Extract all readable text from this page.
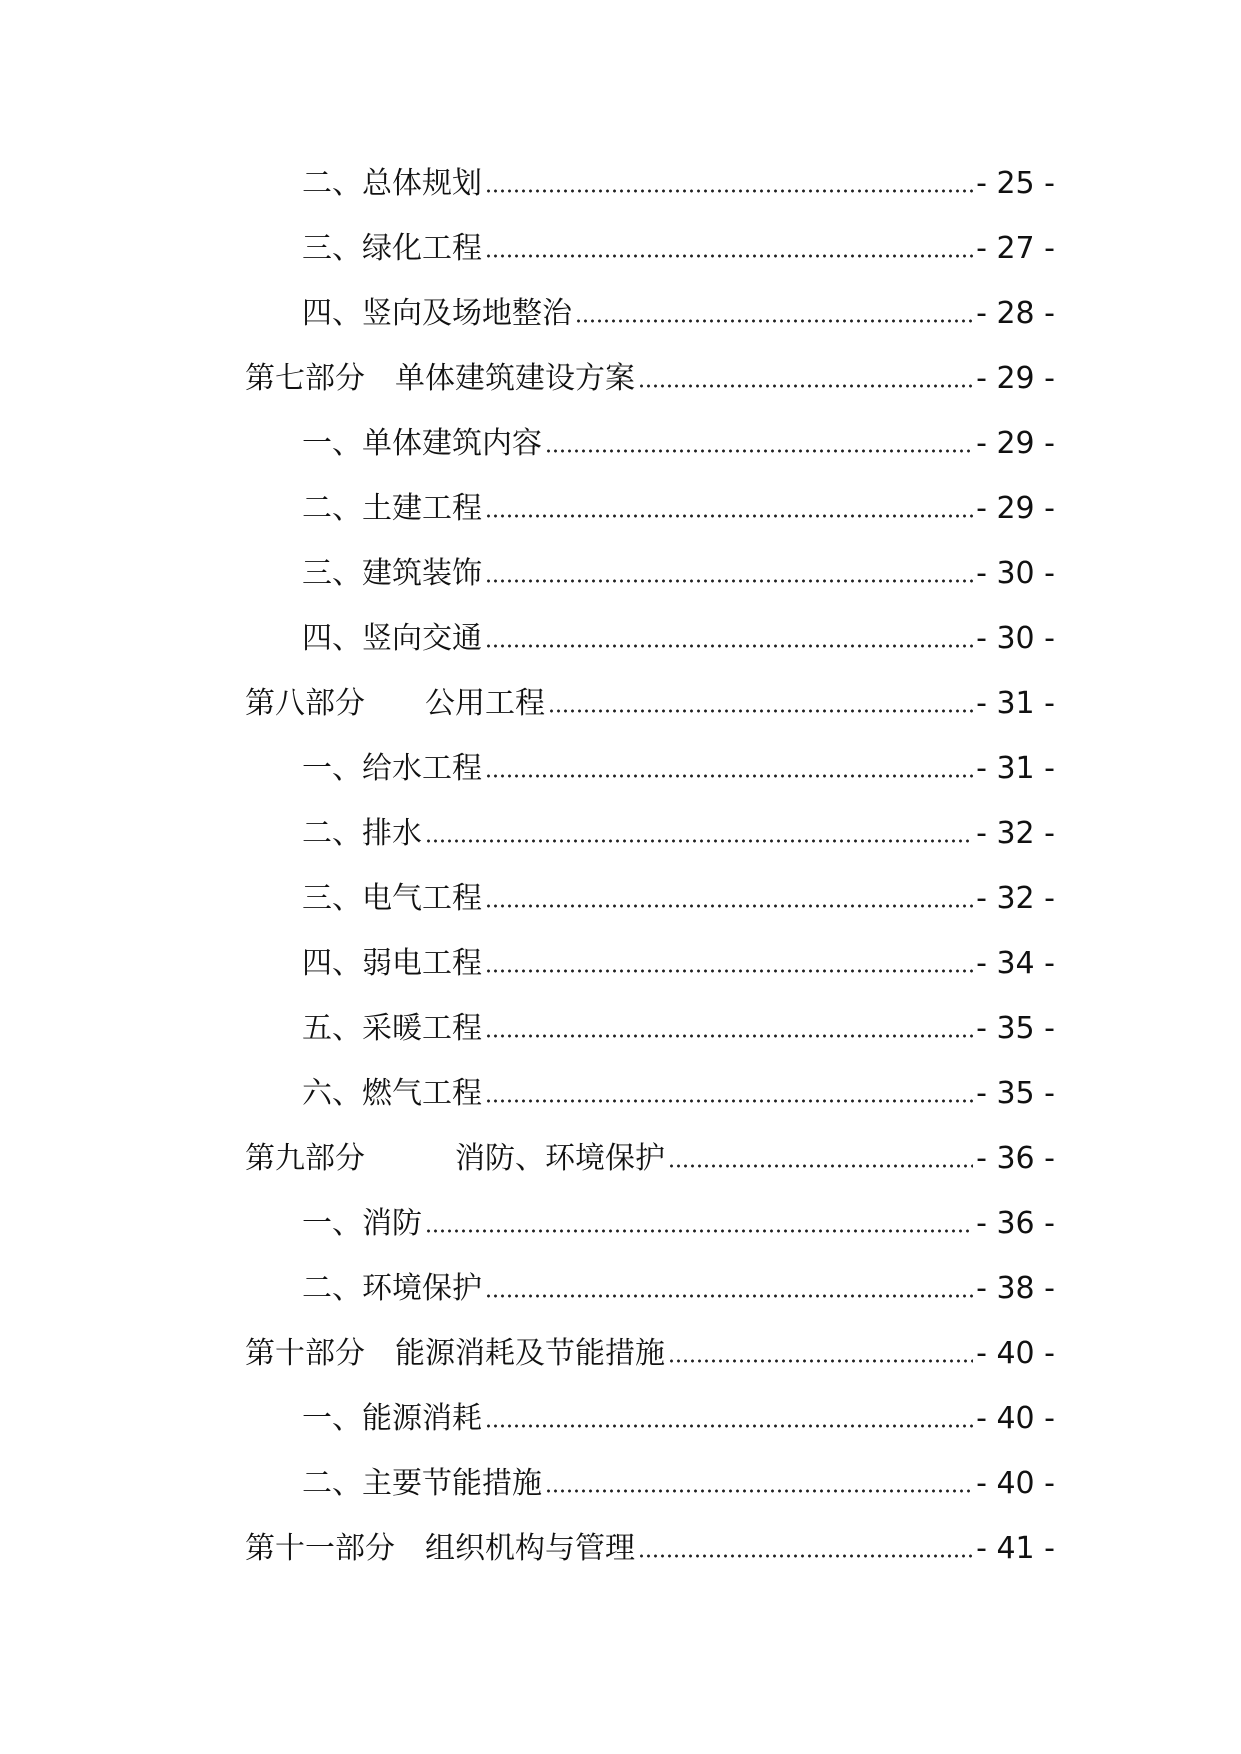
二、总体规划	- 25 -
三、绿化工程	- 27 -
四、竖向及场地整治	- 28 -
第七部分　单体建筑建设方案	- 29 -
一、单体建筑内容	- 29 -
二、土建工程	- 29 -
三、建筑装饰	- 30 -
四、竖向交通	- 30 -
第八部分　　公用工程	- 31 -
一、给水工程	- 31 -
二、排水	- 32 -
三、电气工程	- 32 -
四、弱电工程	- 34 -
五、采暖工程	- 35 -
六、燃气工程	- 35 -
第九部分　　　消防、环境保护	- 36 -
一、消防	- 36 -
二、环境保护	- 38 -
第十部分　能源消耗及节能措施	- 40 -
一、能源消耗	- 40 -
二、主要节能措施	- 40 -
第十一部分　组织机构与管理	- 41 -
